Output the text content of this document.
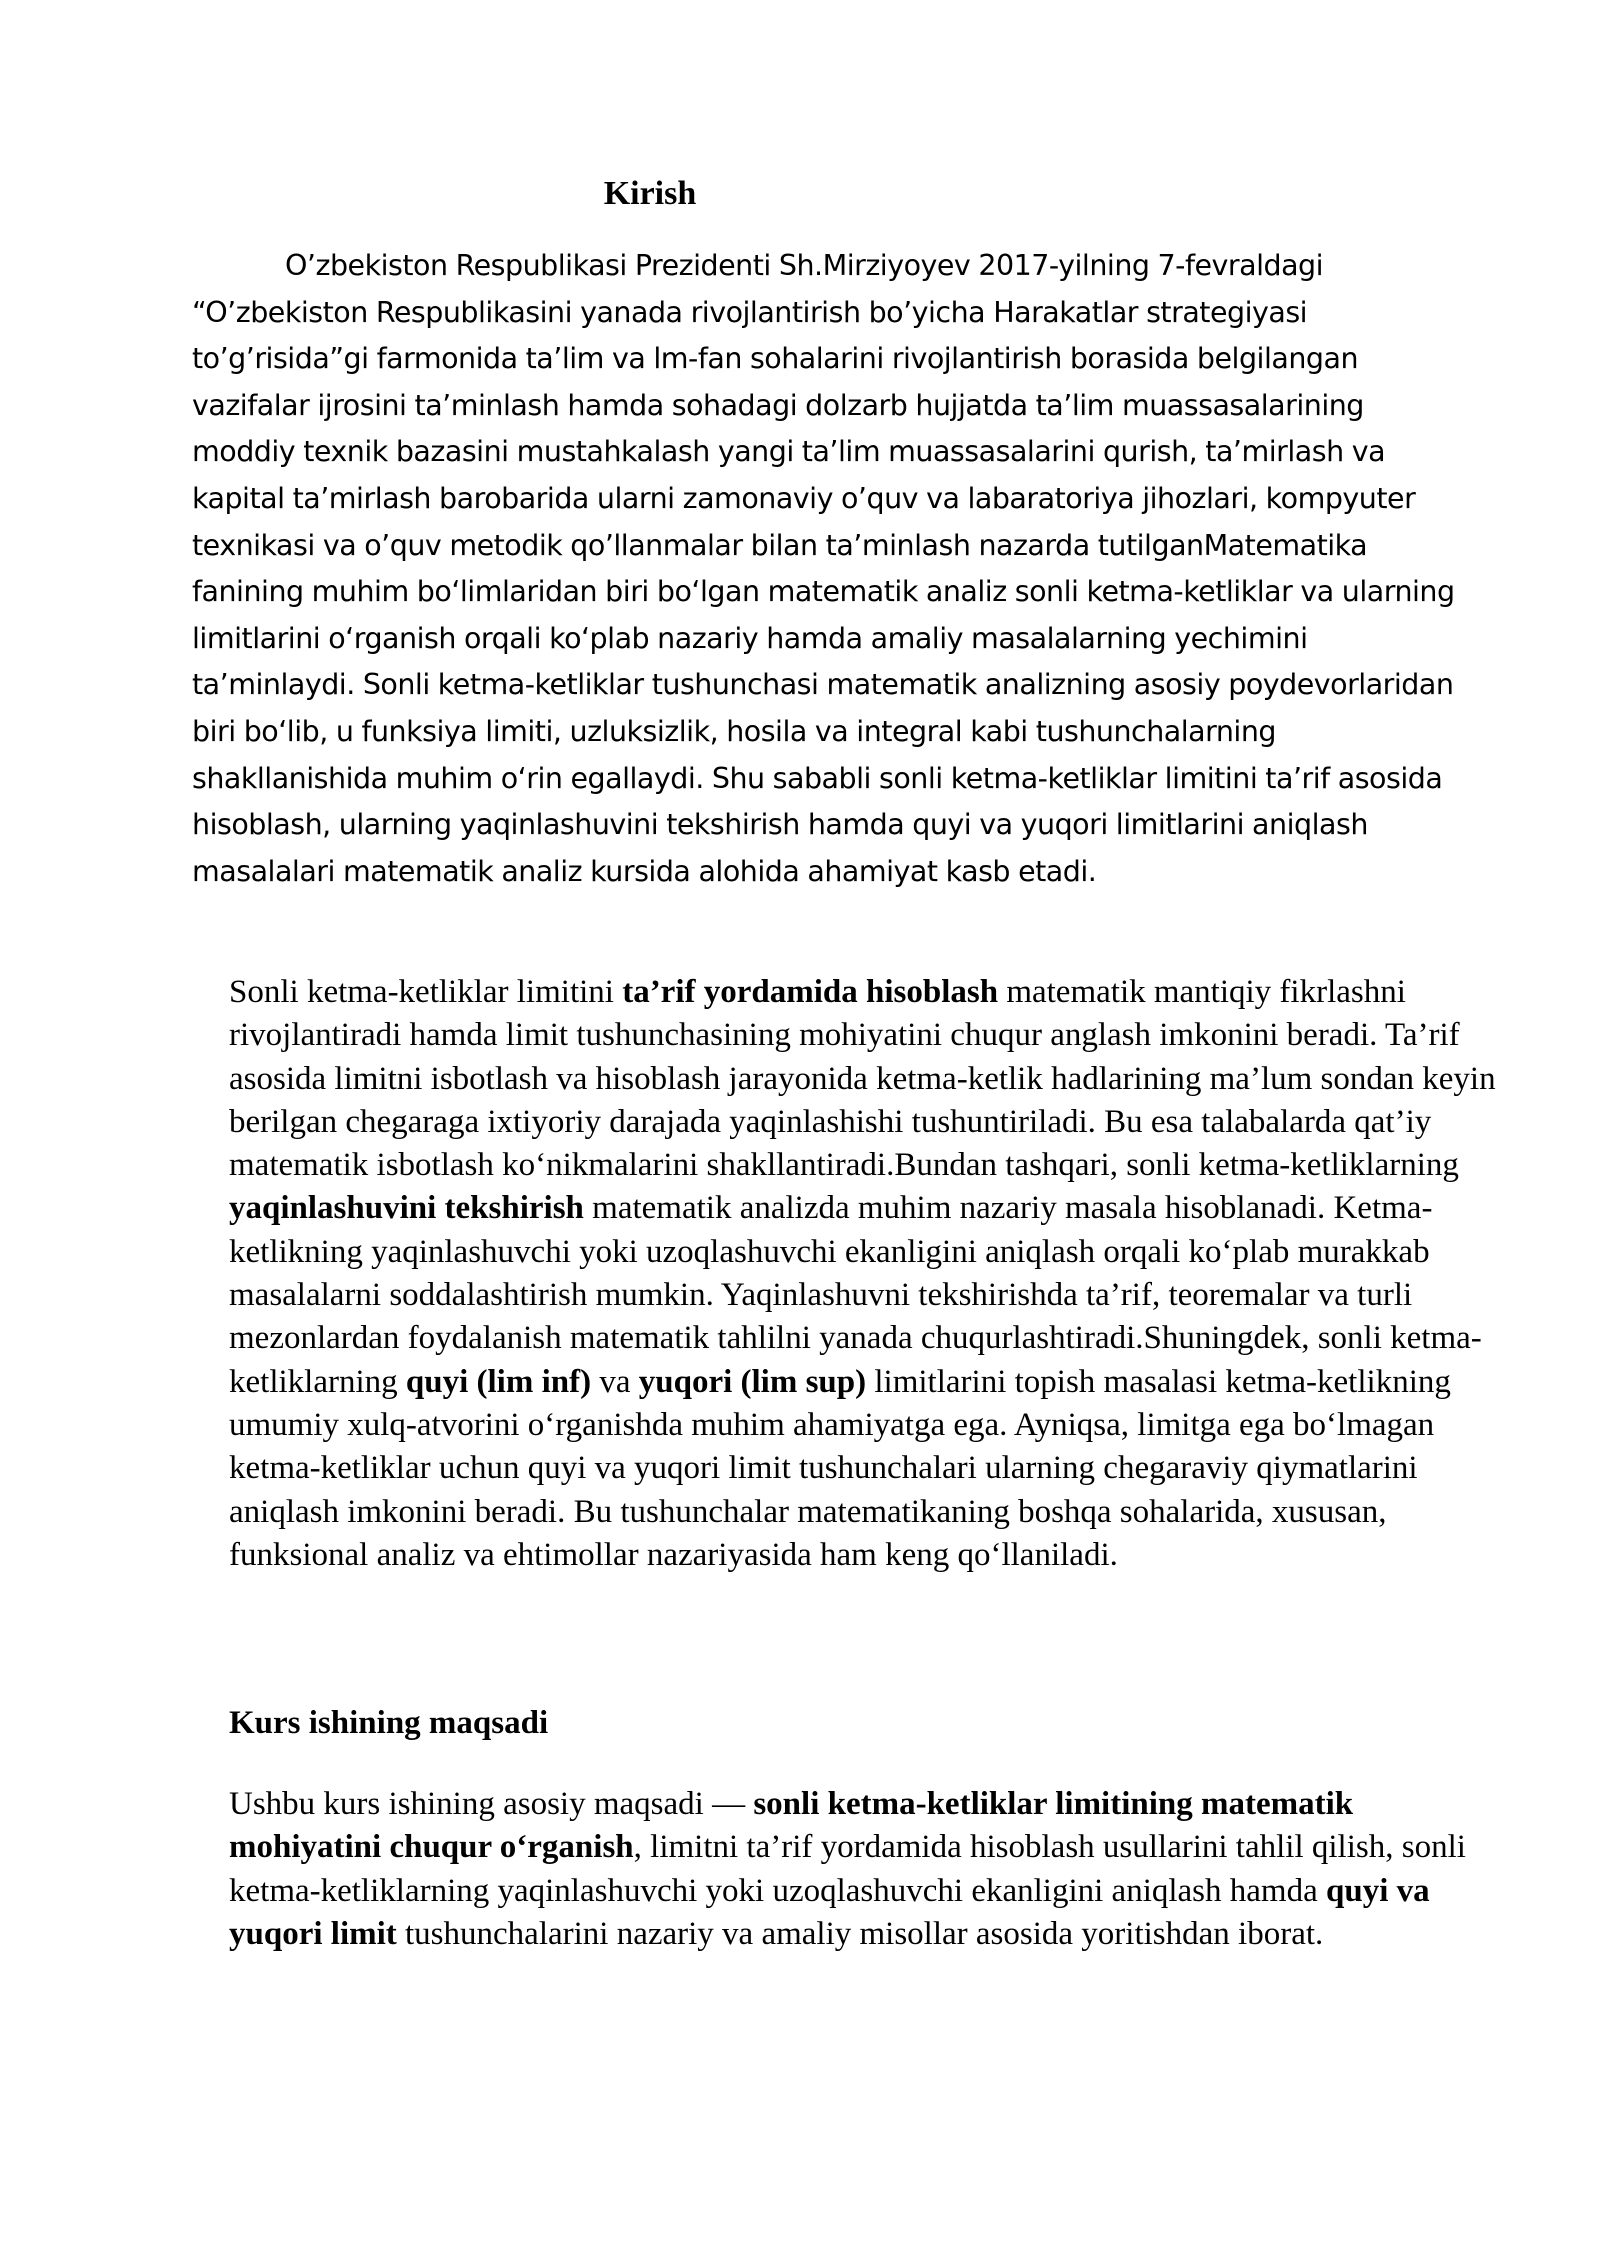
Kirish

O’zbekiston Respublikasi Prezidenti Sh.Mirziyoyev 2017-yilning 7-fevraldagi “O’zbekiston Respublikasini yanada rivojlantirish bo’yicha Harakatlar strategiyasi to’g’risida”gi farmonida ta’lim va lm-fan sohalarini rivojlantirish borasida belgilangan vazifalar ijrosini ta’minlash hamda sohadagi dolzarb hujjatda ta’lim muassasalarining moddiy texnik bazasini mustahkalash yangi ta’lim muassasalarini qurish, ta’mirlash va kapital ta’mirlash barobarida ularni zamonaviy o’quv va labaratoriya jihozlari, kompyuter texnikasi va o’quv metodik qo’llanmalar bilan ta’minlash nazarda tutilganMatematika fanining muhim bo‘limlaridan biri bo‘lgan matematik analiz sonli ketma-ketliklar va ularning limitlarini o‘rganish orqali ko‘plab nazariy hamda amaliy masalalarning yechimini ta’minlaydi. Sonli ketma-ketliklar tushunchasi matematik analizning asosiy poydevorlaridan biri bo‘lib, u funksiya limiti, uzluksizlik, hosila va integral kabi tushunchalarning shakllanishida muhim o‘rin egallaydi. Shu sababli sonli ketma-ketliklar limitini ta’rif asosida hisoblash, ularning yaqinlashuvini tekshirish hamda quyi va yuqori limitlarini aniqlash masalalari matematik analiz kursida alohida ahamiyat kasb etadi.

Sonli ketma-ketliklar limitini ta’rif yordamida hisoblash matematik mantiqiy fikrlashni rivojlantiradi hamda limit tushunchasining mohiyatini chuqur anglash imkonini beradi. Ta’rif asosida limitni isbotlash va hisoblash jarayonida ketma-ketlik hadlarining ma’lum sondan keyin berilgan chegaraga ixtiyoriy darajada yaqinlashishi tushuntiriladi. Bu esa talabalarda qat’iy matematik isbotlash ko‘nikmalarini shakllantiradi.Bundan tashqari, sonli ketma-ketliklarning yaqinlashuvini tekshirish matematik analizda muhim nazariy masala hisoblanadi. Ketma-ketlikning yaqinlashuvchi yoki uzoqlashuvchi ekanligini aniqlash orqali ko‘plab murakkab masalalarni soddalashtirish mumkin. Yaqinlashuvni tekshirishda ta’rif, teoremalar va turli mezonlardan foydalanish matematik tahlilni yanada chuqurlashtiradi.Shuningdek, sonli ketma-ketliklarning quyi (lim inf) va yuqori (lim sup) limitlarini topish masalasi ketma-ketlikning umumiy xulq-atvorini o‘rganishda muhim ahamiyatga ega. Ayniqsa, limitga ega bo‘lmagan ketma-ketliklar uchun quyi va yuqori limit tushunchalari ularning chegaraviy qiymatlarini aniqlash imkonini beradi. Bu tushunchalar matematikaning boshqa sohalarida, xususan, funksional analiz va ehtimollar nazariyasida ham keng qo‘llaniladi.

Kurs ishining maqsadi

Ushbu kurs ishining asosiy maqsadi — sonli ketma-ketliklar limitining matematik mohiyatini chuqur o‘rganish, limitni ta’rif yordamida hisoblash usullarini tahlil qilish, sonli ketma-ketliklarning yaqinlashuvchi yoki uzoqlashuvchi ekanligini aniqlash hamda quyi va yuqori limit tushunchalarini nazariy va amaliy misollar asosida yoritishdan iborat.
